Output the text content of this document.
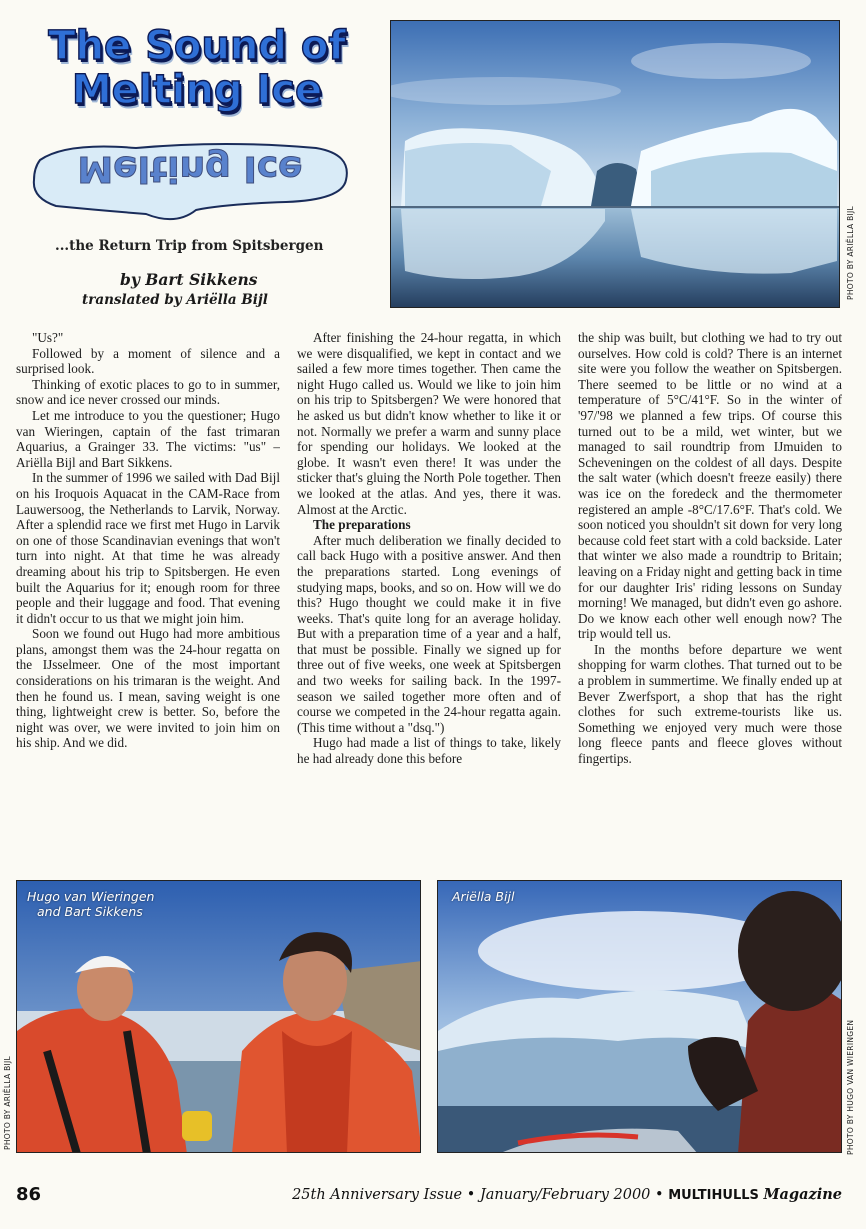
The Sound of
Melting Ice
Melting Ice
...the Return Trip from Spitsbergen
by Bart Sikkens
translated by Ariëlla Bijl	PHOTO BY ARIËLLA BIJL

"Us?"

Followed by a moment of silence and a surprised look.

Thinking of exotic places to go to in summer, snow and ice never crossed our minds.

Let me introduce to you the questioner; Hugo van Wieringen, captain of the fast trimaran Aquarius, a Grainger 33. The victims: "us" – Ariëlla Bijl and Bart Sikkens.

In the summer of 1996 we sailed with Dad Bijl on his Iroquois Aquacat in the CAM-Race from Lauwersoog, the Netherlands to Larvik, Norway. After a splendid race we first met Hugo in Larvik on one of those Scandinavian evenings that won't turn into night. At that time he was already dreaming about his trip to Spitsbergen. He even built the Aquarius for it; enough room for three people and their luggage and food. That evening it didn't occur to us that we might join him.

Soon we found out Hugo had more ambitious plans, amongst them was the 24-hour regatta on the IJsselmeer. One of the most important considerations on his trimaran is the weight. And then he found us. I mean, saving weight is one thing, lightweight crew is better. So, before the night was over, we were invited to join him on his ship. And we did.

After finishing the 24-hour regatta, in which we were disqualified, we kept in contact and we sailed a few more times together. Then came the night Hugo called us. Would we like to join him on his trip to Spitsbergen? We were honored that he asked us but didn't know whether to like it or not. Normally we prefer a warm and sunny place for spending our holidays. We looked at the globe. It wasn't even there! It was under the sticker that's gluing the North Pole together. Then we looked at the atlas. And yes, there it was. Almost at the Arctic.

The preparations

After much deliberation we finally decided to call back Hugo with a positive answer. And then the preparations started. Long evenings of studying maps, books, and so on. How will we do this? Hugo thought we could make it in five weeks. That's quite long for an average holiday. But with a preparation time of a year and a half, that must be possible. Finally we signed up for three out of five weeks, one week at Spitsbergen and two weeks for sailing back. In the 1997-season we sailed together more often and of course we competed in the 24-hour regatta again. (This time without a "dsq.")

Hugo had made a list of things to take, likely he had already done this before

the ship was built, but clothing we had to try out ourselves. How cold is cold? There is an internet site were you follow the weather on Spitsbergen. There seemed to be little or no wind at a temperature of 5°C/41°F. So in the winter of '97/'98 we planned a few trips. Of course this turned out to be a mild, wet winter, but we managed to sail roundtrip from IJmuiden to Scheveningen on the coldest of all days. Despite the salt water (which doesn't freeze easily) there was ice on the foredeck and the thermometer registered an ample -8°C/17.6°F. That's cold. We soon noticed you shouldn't sit down for very long because cold feet start with a cold backside. Later that winter we also made a roundtrip to Britain; leaving on a Friday night and getting back in time for our daughter Iris' riding lessons on Sunday morning! We managed, but didn't even go ashore. Do we know each other well enough now? The trip would tell us.

In the months before departure we went shopping for warm clothes. That turned out to be a problem in summertime. We finally ended up at Bever Zwerfsport, a shop that has the right clothes for such extreme-tourists like us. Something we enjoyed very much were those long fleece pants and fleece gloves without fingertips.

Hugo van Wieringen
and Bart Sikkens
PHOTO BY ARIËLLA BIJL
Ariëlla Bijl
PHOTO BY HUGO VAN WIERINGEN
86	25th Anniversary Issue • January/February 2000 • MULTIHULLS Magazine
